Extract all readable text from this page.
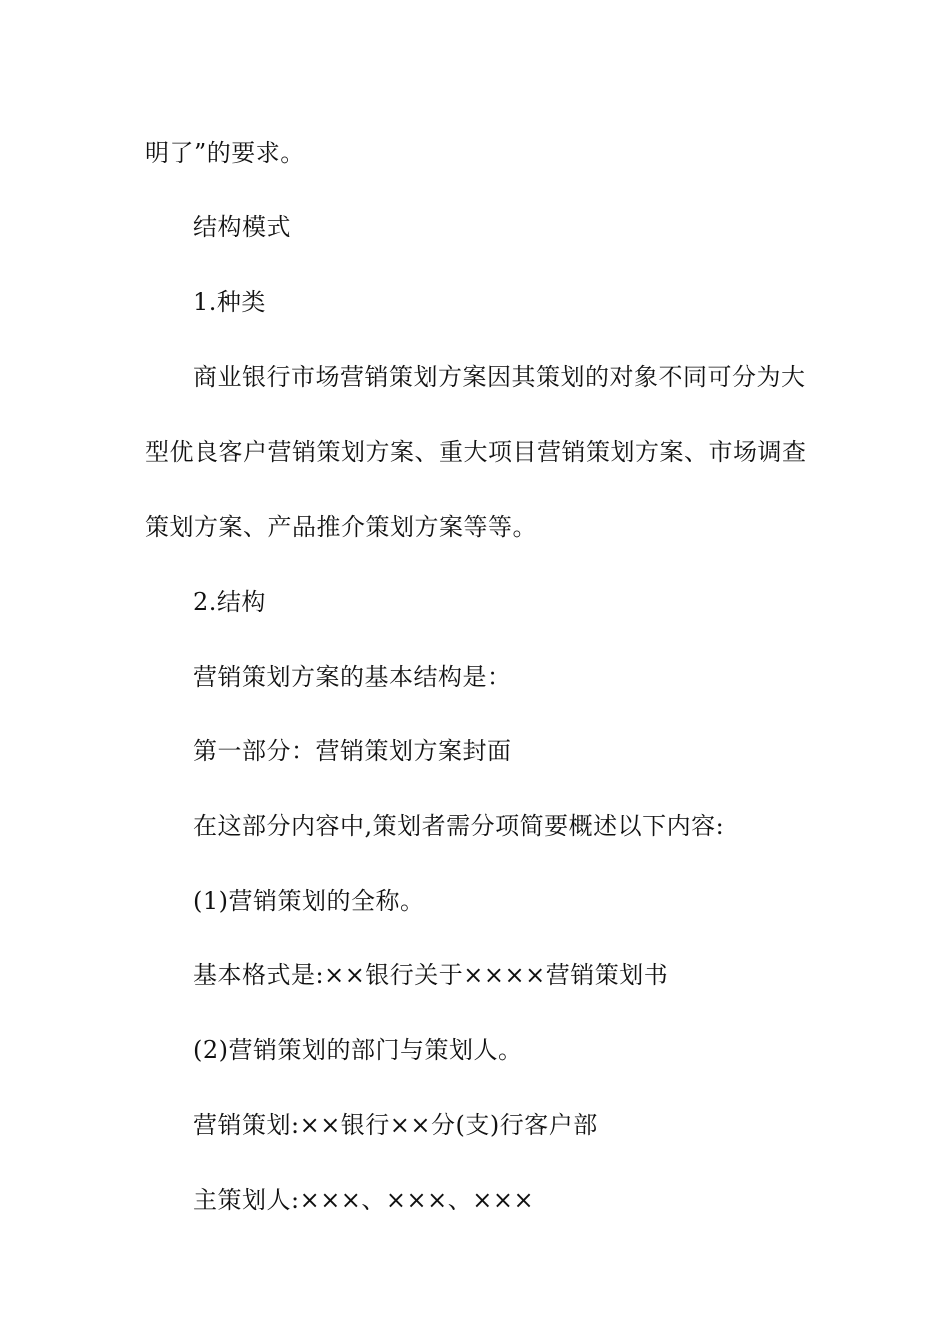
明了”的要求。
结构模式
1.种类
商业银行市场营销策划方案因其策划的对象不同可分为大
型优良客户营销策划方案、重大项目营销策划方案、市场调查
策划方案、产品推介策划方案等等。
2.结构
营销策划方案的基本结构是：
第一部分：营销策划方案封面
在这部分内容中,策划者需分项简要概述以下内容:
(1)营销策划的全称。
基本格式是:××银行关于××××营销策划书
(2)营销策划的部门与策划人。
营销策划:××银行××分(支)行客户部
主策划人:×××、×××、×××
